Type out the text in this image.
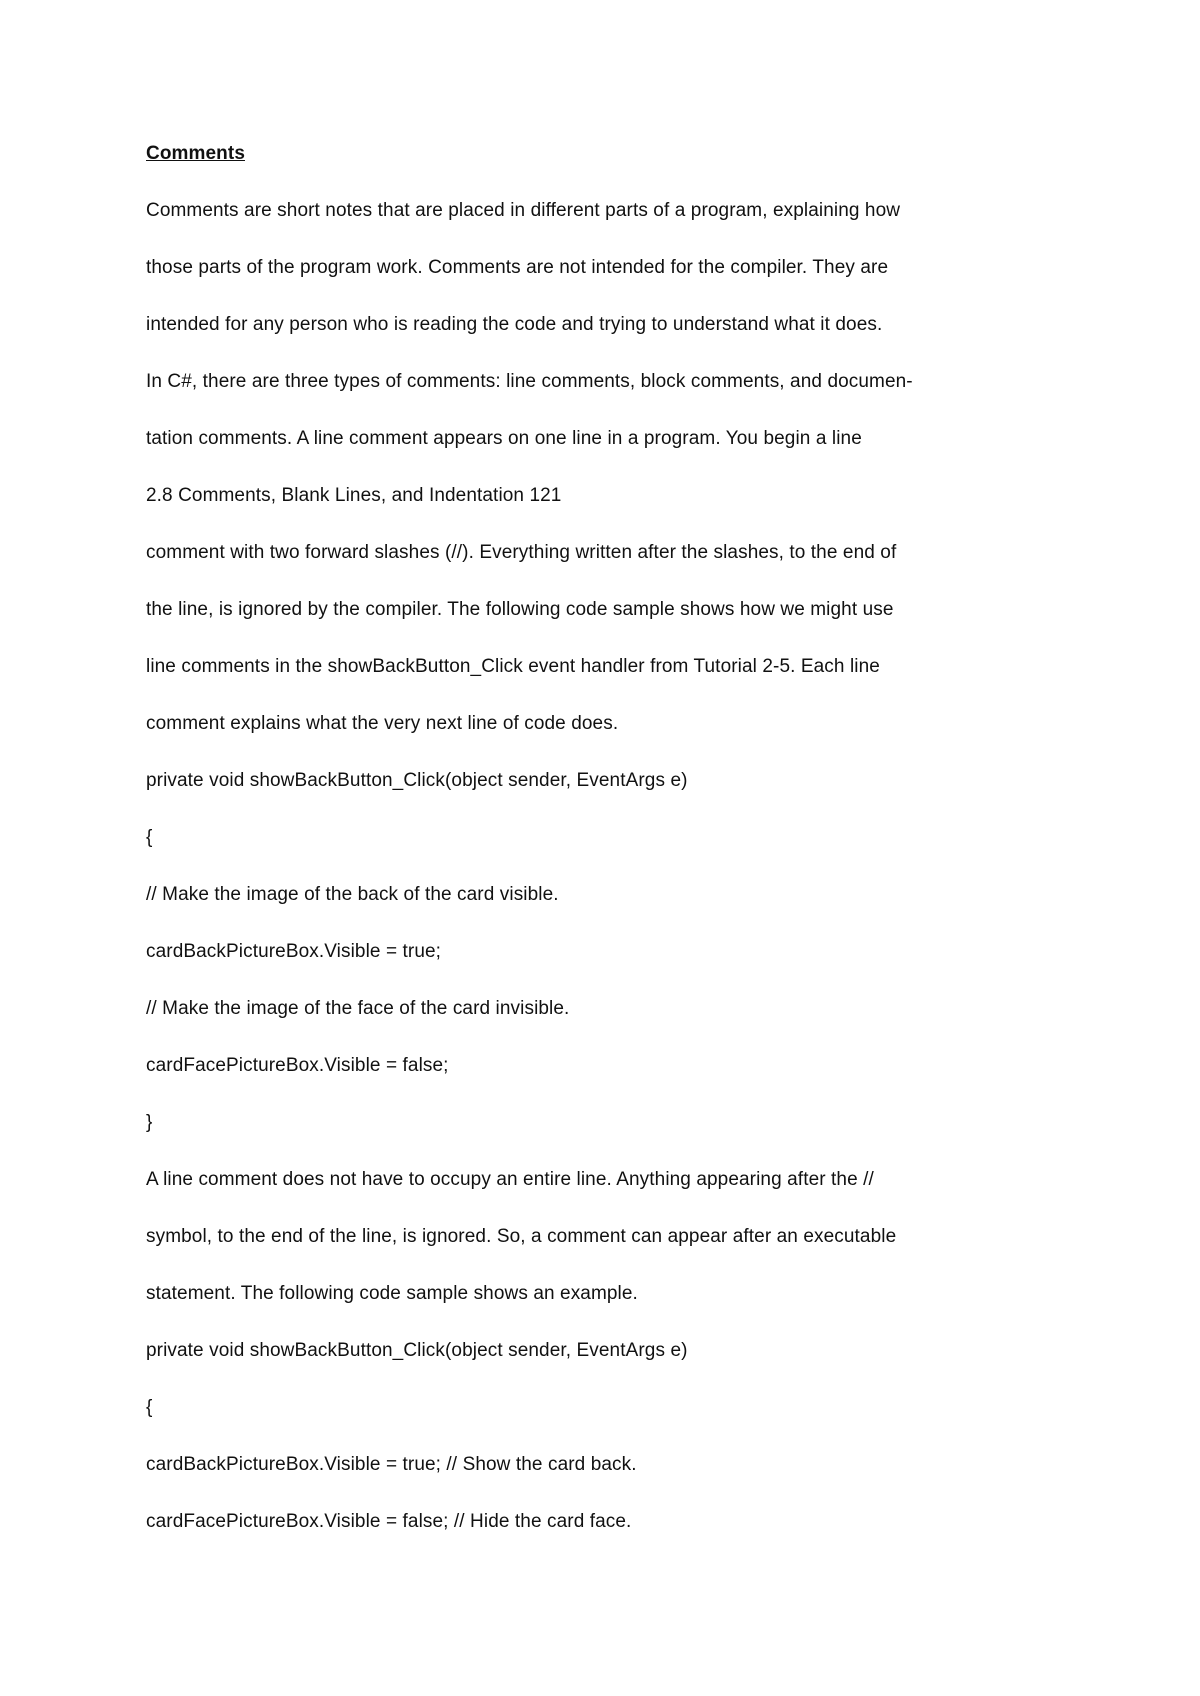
Comments
Comments are short notes that are placed in different parts of a program, explaining how
those parts of the program work. Comments are not intended for the compiler. They are
intended for any person who is reading the code and trying to understand what it does.
In C#, there are three types of comments: line comments, block comments, and documen-
tation comments. A line comment appears on one line in a program. You begin a line
2.8 Comments, Blank Lines, and Indentation 121
comment with two forward slashes (//). Everything written after the slashes, to the end of
the line, is ignored by the compiler. The following code sample shows how we might use
line comments in the showBackButton_Click event handler from Tutorial 2-5. Each line
comment explains what the very next line of code does.
private void showBackButton_Click(object sender, EventArgs e)
{
// Make the image of the back of the card visible.
cardBackPictureBox.Visible = true;
// Make the image of the face of the card invisible.
cardFacePictureBox.Visible = false;
}
A line comment does not have to occupy an entire line. Anything appearing after the //
symbol, to the end of the line, is ignored. So, a comment can appear after an executable
statement. The following code sample shows an example.
private void showBackButton_Click(object sender, EventArgs e)
{
cardBackPictureBox.Visible = true; // Show the card back.
cardFacePictureBox.Visible = false; // Hide the card face.
